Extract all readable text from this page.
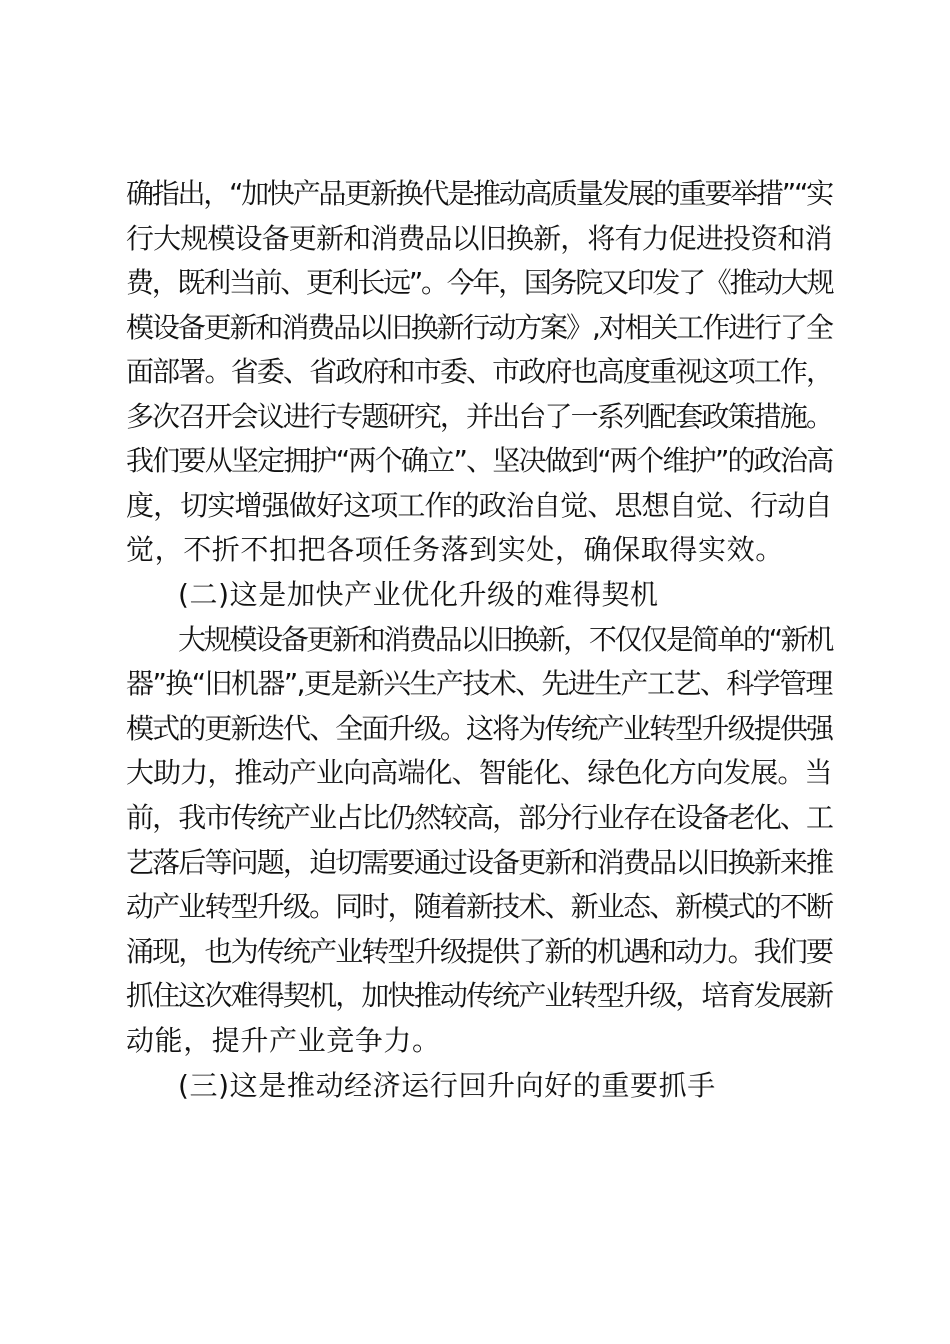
确指出，“加快产品更新换代是推动高质量发展的重要举措”“实
行大规模设备更新和消费品以旧换新，将有力促进投资和消
费，既利当前、更利长远”。今年，国务院又印发了《推动大规
模设备更新和消费品以旧换新行动方案》,对相关工作进行了全
面部署。省委、省政府和市委、市政府也高度重视这项工作，
多次召开会议进行专题研究，并出台了一系列配套政策措施。
我们要从坚定拥护“两个确立”、坚决做到“两个维护”的政治高
度，切实增强做好这项工作的政治自觉、思想自觉、行动自
觉，不折不扣把各项任务落到实处，确保取得实效。
(二)这是加快产业优化升级的难得契机
大规模设备更新和消费品以旧换新，不仅仅是简单的“新机
器”换“旧机器”,更是新兴生产技术、先进生产工艺、科学管理
模式的更新迭代、全面升级。这将为传统产业转型升级提供强
大助力，推动产业向高端化、智能化、绿色化方向发展。当
前，我市传统产业占比仍然较高，部分行业存在设备老化、工
艺落后等问题，迫切需要通过设备更新和消费品以旧换新来推
动产业转型升级。同时，随着新技术、新业态、新模式的不断
涌现，也为传统产业转型升级提供了新的机遇和动力。我们要
抓住这次难得契机，加快推动传统产业转型升级，培育发展新
动能，提升产业竞争力。
(三)这是推动经济运行回升向好的重要抓手
